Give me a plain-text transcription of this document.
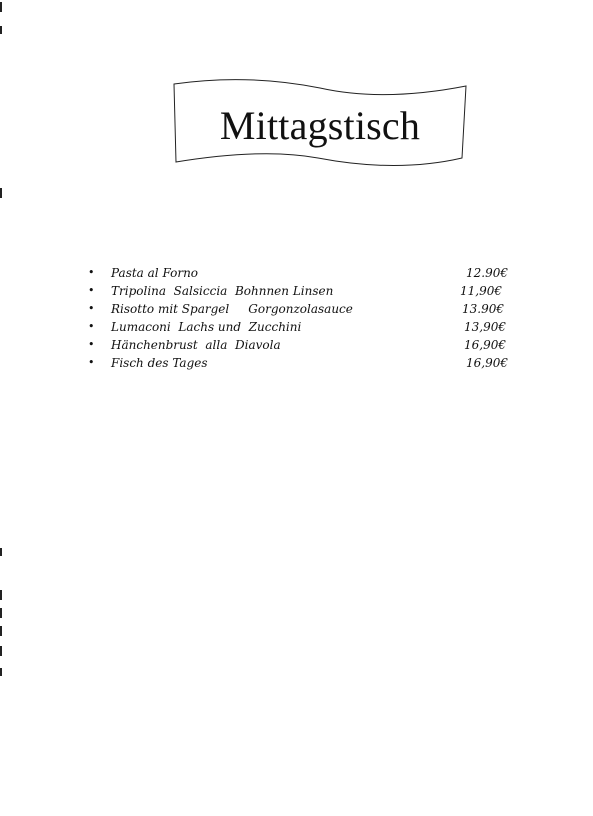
Mittagstisch
• Pasta al Forno	12.90€
• Tripolina  Salsiccia  Bohnnen Linsen	11,90€
• Risotto mit Spargel     Gorgonzolasauce	13.90€
• Lumaconi  Lachs und  Zucchini	13,90€
• Hänchenbrust  alla  Diavola	16,90€
• Fisch des Tages	16,90€
